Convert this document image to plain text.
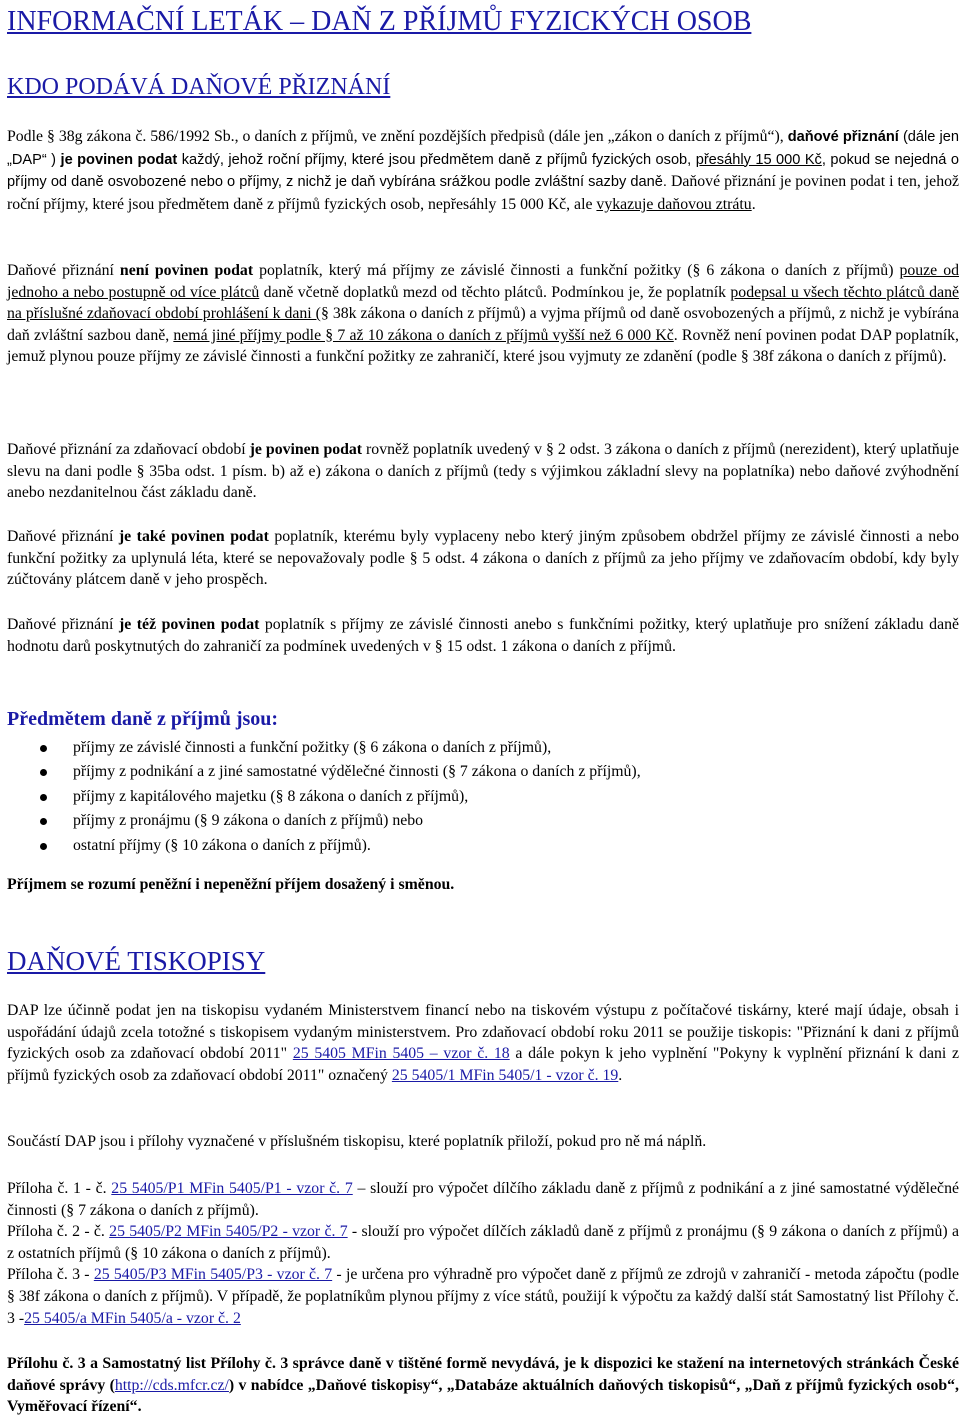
INFORMAČNÍ LETÁK – DAŇ Z PŘÍJMŮ FYZICKÝCH OSOB
KDO PODÁVÁ DAŇOVÉ PŘIZNÁNÍ
Podle § 38g zákona č. 586/1992 Sb., o daních z příjmů, ve znění pozdějších předpisů (dále jen „zákon o daních z příjmů“), daňové přiznání (dále jen „DAP“ ) je povinen podat každý, jehož roční příjmy, které jsou předmětem daně z příjmů fyzických osob, přesáhly 15 000 Kč, pokud se nejedná o příjmy od daně osvobozené nebo o příjmy, z nichž je daň vybírána srážkou podle zvláštní sazby daně. Daňové přiznání je povinen podat i ten, jehož roční příjmy, které jsou předmětem daně z příjmů fyzických osob, nepřesáhly 15 000 Kč, ale vykazuje daňovou ztrátu.
Daňové přiznání není povinen podat poplatník, který má příjmy ze závislé činnosti a funkční požitky (§ 6 zákona o daních z příjmů) pouze od jednoho a nebo postupně od více plátců daně včetně doplatků mezd od těchto plátců. Podmínkou je, že poplatník podepsal u všech těchto plátců daně na příslušné zdaňovací období prohlášení k dani (§ 38k zákona o daních z příjmů) a vyjma příjmů od daně osvobozených a příjmů, z nichž je vybírána daň zvláštní sazbou daně, nemá jiné příjmy podle § 7 až 10 zákona o daních z příjmů vyšší než 6 000 Kč. Rovněž není povinen podat DAP poplatník, jemuž plynou pouze příjmy ze závislé činnosti a funkční požitky ze zahraničí, které jsou vyjmuty ze zdanění (podle § 38f zákona o daních z příjmů).
Daňové přiznání za zdaňovací období je povinen podat rovněž poplatník uvedený v § 2 odst. 3 zákona o daních z příjmů (nerezident), který uplatňuje slevu na dani podle § 35ba odst. 1 písm. b) až e) zákona o daních z příjmů (tedy s výjimkou základní slevy na poplatníka) nebo daňové zvýhodnění anebo nezdanitelnou část základu daně.
Daňové přiznání je také povinen podat poplatník, kterému byly vyplaceny nebo který jiným způsobem obdržel příjmy ze závislé činnosti a nebo funkční požitky za uplynulá léta, které se nepovažovaly podle § 5 odst. 4 zákona o daních z příjmů za jeho příjmy ve zdaňovacím období, kdy byly zúčtovány plátcem daně v jeho prospěch.
Daňové přiznání je též povinen podat poplatník s příjmy ze závislé činnosti anebo s funkčními požitky, který uplatňuje pro snížení základu daně hodnotu darů poskytnutých do zahraničí za podmínek uvedených v § 15 odst. 1 zákona o daních z příjmů.
Předmětem daně z příjmů jsou:
příjmy ze závislé činnosti a funkční požitky (§ 6 zákona o daních z příjmů),
příjmy z podnikání a z jiné samostatné výdělečné činnosti (§ 7 zákona o daních z příjmů),
příjmy z kapitálového majetku (§ 8 zákona o daních z příjmů),
příjmy z pronájmu (§ 9 zákona o daních z příjmů) nebo
ostatní příjmy (§ 10 zákona o daních z příjmů).
Příjmem se rozumí peněžní i nepeněžní příjem dosažený i směnou.
DAŇOVÉ TISKOPISY
DAP lze účinně podat jen na tiskopisu vydaném Ministerstvem financí nebo na tiskovém výstupu z počítačové tiskárny, které mají údaje, obsah i uspořádání údajů zcela totožné s tiskopisem vydaným ministerstvem. Pro zdaňovací období roku 2011 se použije tiskopis: "Přiznání k dani z příjmů fyzických osob za zdaňovací období 2011" 25 5405 MFin 5405 – vzor č. 18 a dále pokyn k jeho vyplnění "Pokyny k vyplnění přiznání k dani z příjmů fyzických osob za zdaňovací období 2011" označený 25 5405/1 MFin 5405/1 - vzor č. 19.
Součástí DAP jsou i přílohy vyznačené v příslušném tiskopisu, které poplatník přiloží, pokud pro ně má náplň.
Příloha č. 1 - č. 25 5405/P1 MFin 5405/P1 - vzor č. 7 – slouží pro výpočet dílčího základu daně z příjmů z podnikání a z jiné samostatné výdělečné činnosti (§ 7 zákona o daních z příjmů).
Příloha č. 2 - č. 25 5405/P2 MFin 5405/P2 - vzor č. 7 - slouží pro výpočet dílčích základů daně z příjmů z pronájmu (§ 9 zákona o daních z příjmů) a z ostatních příjmů (§ 10 zákona o daních z příjmů).
Příloha č. 3 - 25 5405/P3 MFin 5405/P3 - vzor č. 7 - je určena pro výhradně pro výpočet daně z příjmů ze zdrojů v zahraničí - metoda zápočtu (podle § 38f zákona o daních z příjmů). V případě, že poplatníkům plynou příjmy z více států, použijí k výpočtu za každý další stát Samostatný list Přílohy č. 3 -25 5405/a MFin 5405/a - vzor č. 2
Přílohu č. 3 a Samostatný list Přílohy č. 3 správce daně v tištěné formě nevydává, je k dispozici ke stažení na internetových stránkách České daňové správy (http://cds.mfcr.cz/) v nabídce „Daňové tiskopisy“, „Databáze aktuálních daňových tiskopisů“, „Daň z příjmů fyzických osob“, Vyměřovací řízení“.
